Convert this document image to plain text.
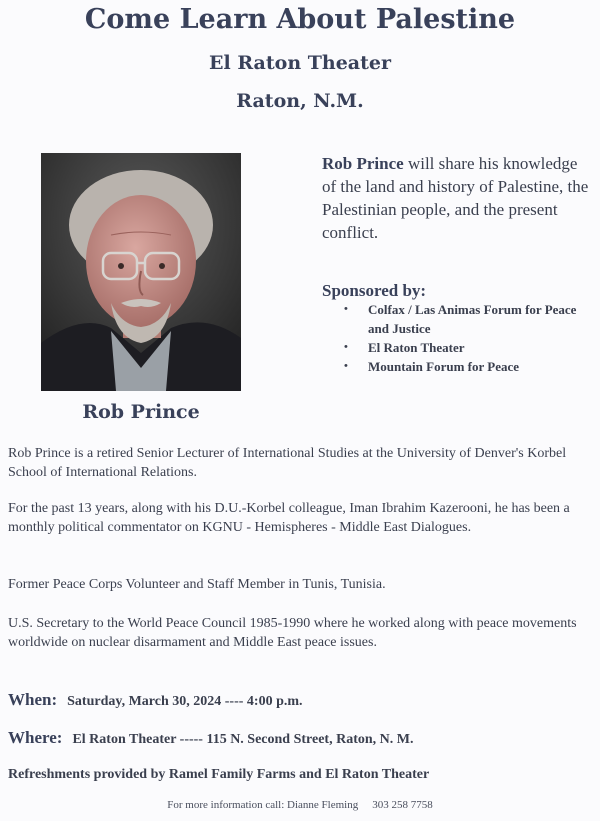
Come Learn About Palestine
El Raton Theater
Raton, N.M.
Rob Prince
Rob Prince will share his knowledge of the land and history of Palestine, the Palestinian people, and the present conflict.
Sponsored by:
• Colfax / Las Animas Forum for Peace and Justice
• El Raton Theater
• Mountain Forum for Peace

Rob Prince is a retired Senior Lecturer of International Studies at the University of Denver's Korbel School of International Relations.

For the past 13 years, along with his D.U.-Korbel colleague, Iman Ibrahim Kazerooni, he has been a monthly political commentator on KGNU - Hemispheres - Middle East Dialogues.

Former Peace Corps Volunteer and Staff Member in Tunis, Tunisia.

U.S. Secretary to the World Peace Council 1985-1990 where he worked along with peace movements worldwide on nuclear disarmament and Middle East peace issues.

When: Saturday, March 30, 2024 ---- 4:00 p.m.
Where: El Raton Theater ----- 115 N. Second Street, Raton, N. M.
Refreshments provided by Ramel Family Farms and El Raton Theater
For more information call: Dianne Fleming 303 258 7758
